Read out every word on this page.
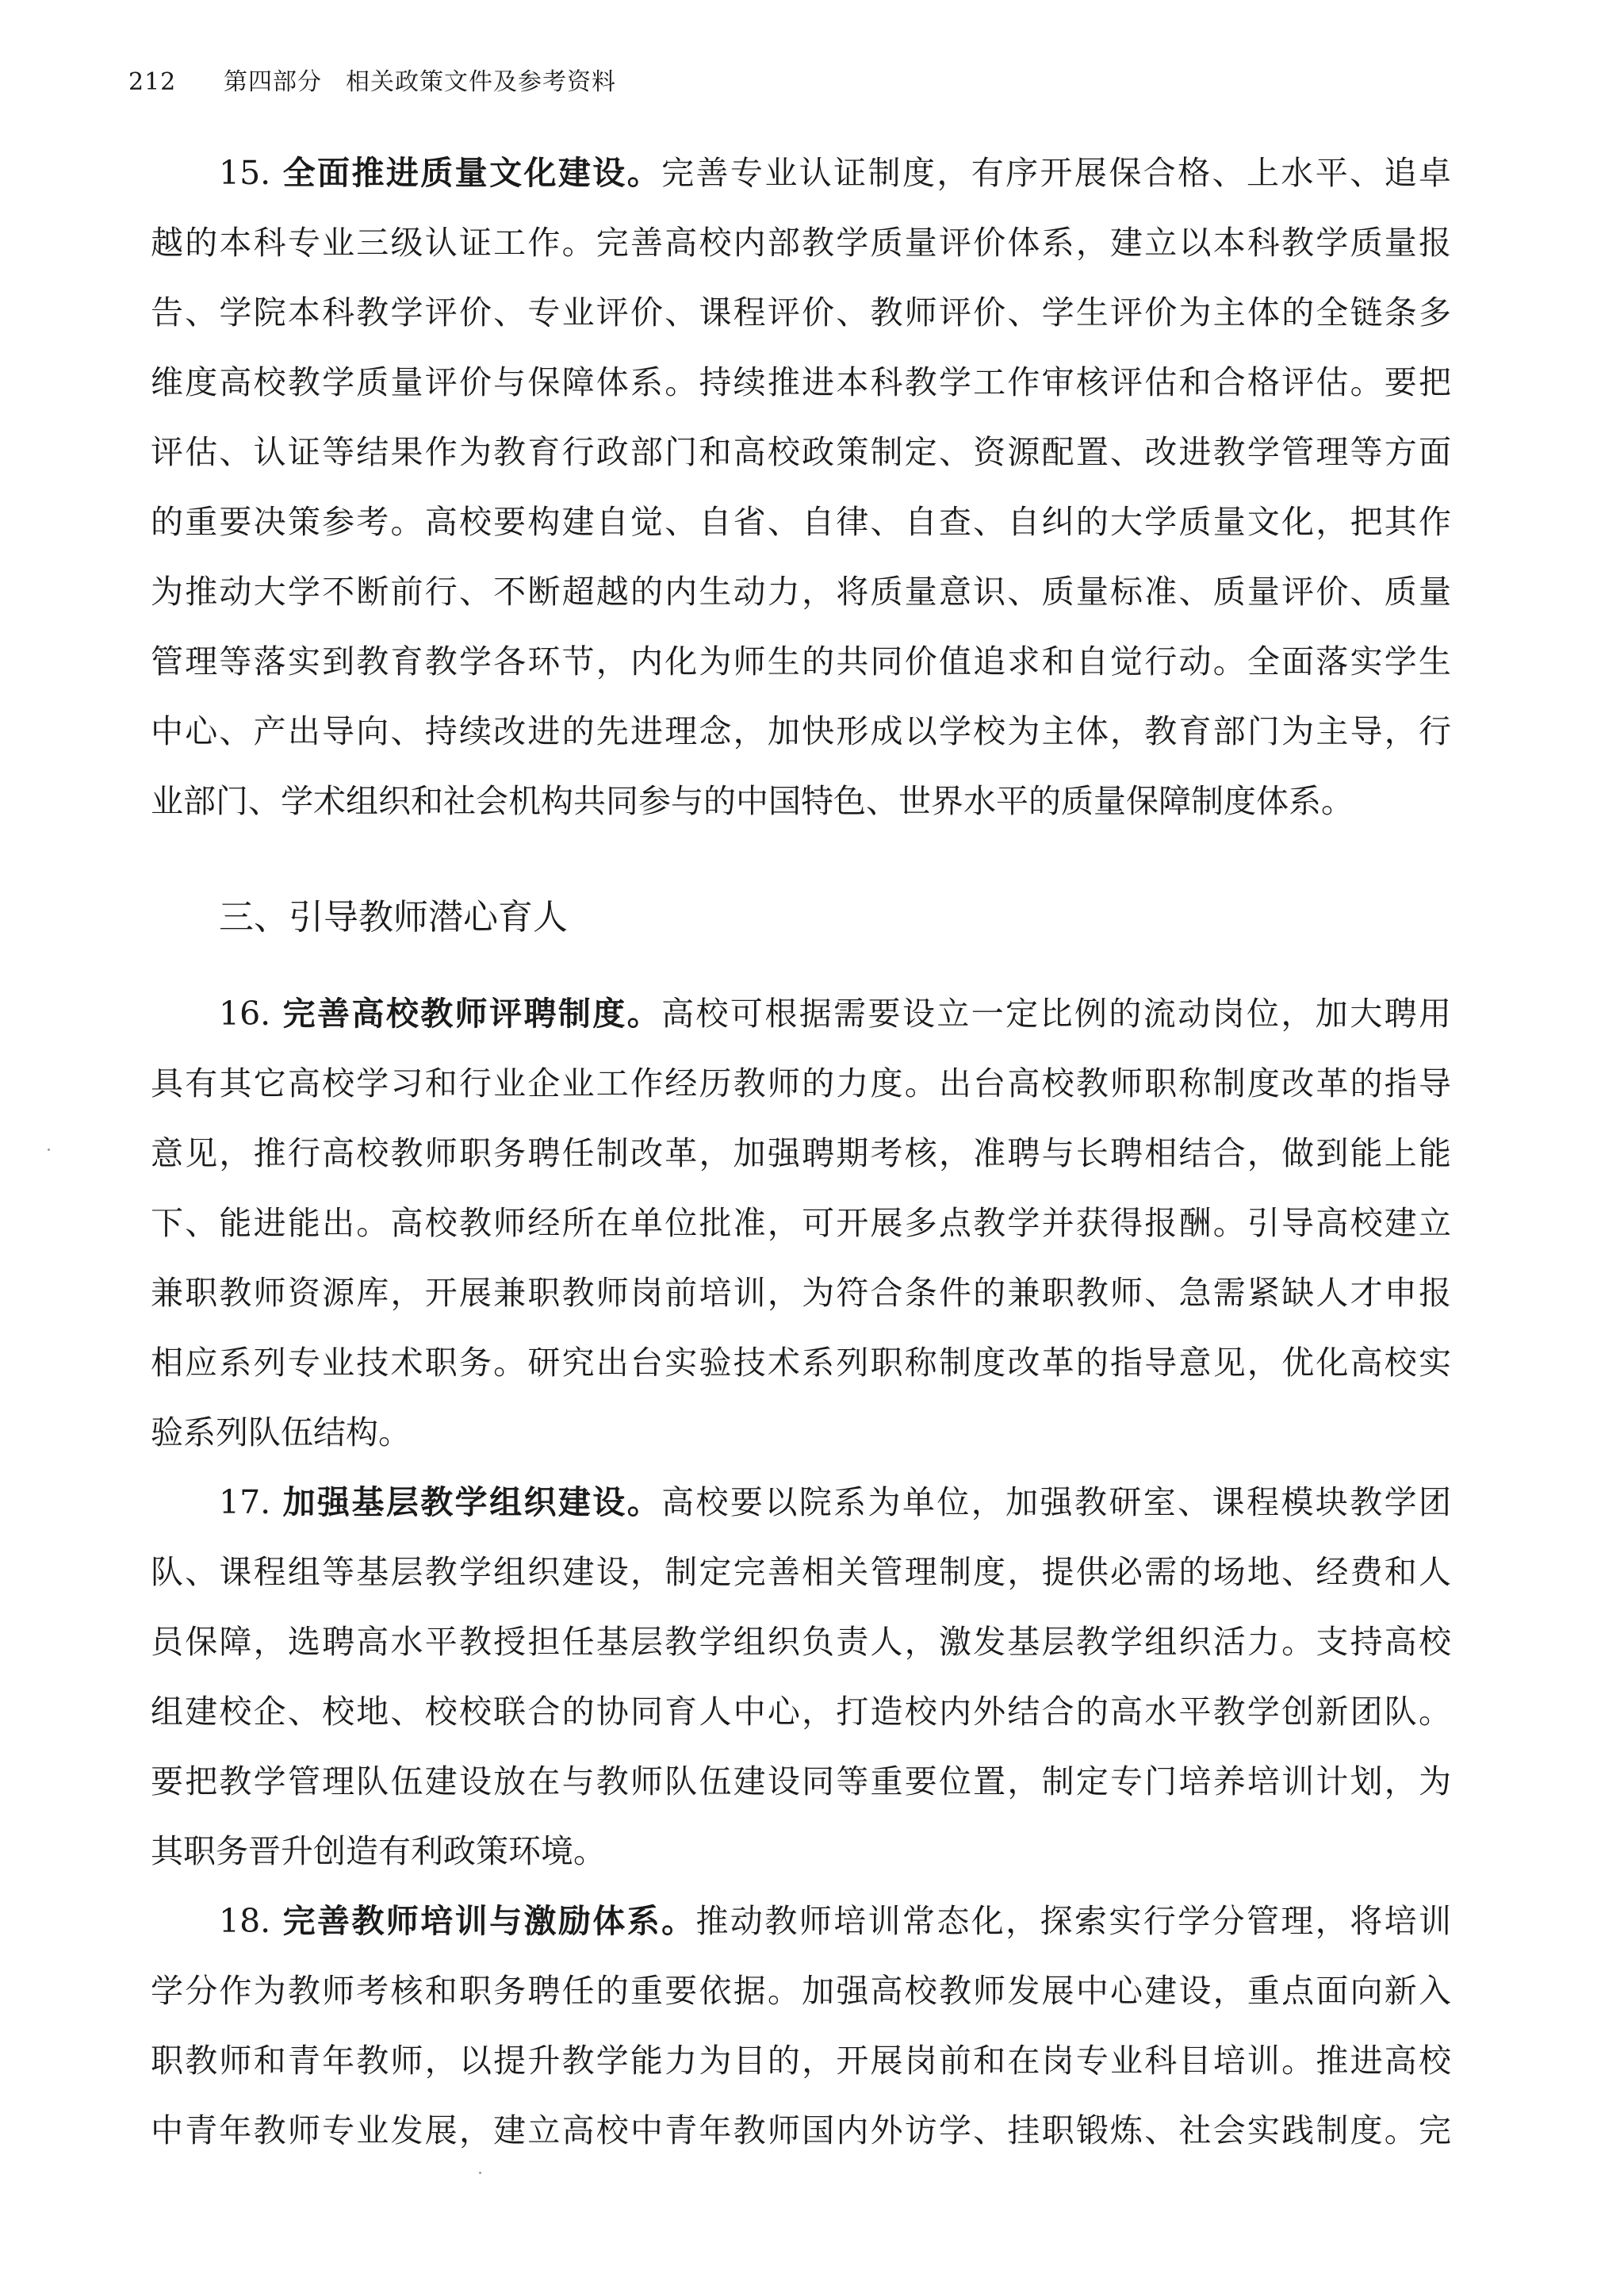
212 第四部分 相关政策文件及参考资料
15. 全面推进质量文化建设。完善专业认证制度，有序开展保合格、上水平、追卓
越的本科专业三级认证工作。完善高校内部教学质量评价体系，建立以本科教学质量报
告、学院本科教学评价、专业评价、课程评价、教师评价、学生评价为主体的全链条多
维度高校教学质量评价与保障体系。持续推进本科教学工作审核评估和合格评估。要把
评估、认证等结果作为教育行政部门和高校政策制定、资源配置、改进教学管理等方面
的重要决策参考。高校要构建自觉、自省、自律、自查、自纠的大学质量文化，把其作
为推动大学不断前行、不断超越的内生动力，将质量意识、质量标准、质量评价、质量
管理等落实到教育教学各环节，内化为师生的共同价值追求和自觉行动。全面落实学生
中心、产出导向、持续改进的先进理念，加快形成以学校为主体，教育部门为主导，行
业部门、学术组织和社会机构共同参与的中国特色、世界水平的质量保障制度体系。
三、引导教师潜心育人
16. 完善高校教师评聘制度。高校可根据需要设立一定比例的流动岗位，加大聘用
具有其它高校学习和行业企业工作经历教师的力度。出台高校教师职称制度改革的指导
意见，推行高校教师职务聘任制改革，加强聘期考核，准聘与长聘相结合，做到能上能
下、能进能出。高校教师经所在单位批准，可开展多点教学并获得报酬。引导高校建立
兼职教师资源库，开展兼职教师岗前培训，为符合条件的兼职教师、急需紧缺人才申报
相应系列专业技术职务。研究出台实验技术系列职称制度改革的指导意见，优化高校实
验系列队伍结构。
17. 加强基层教学组织建设。高校要以院系为单位，加强教研室、课程模块教学团
队、课程组等基层教学组织建设，制定完善相关管理制度，提供必需的场地、经费和人
员保障，选聘高水平教授担任基层教学组织负责人，激发基层教学组织活力。支持高校
组建校企、校地、校校联合的协同育人中心，打造校内外结合的高水平教学创新团队。
要把教学管理队伍建设放在与教师队伍建设同等重要位置，制定专门培养培训计划，为
其职务晋升创造有利政策环境。
18. 完善教师培训与激励体系。推动教师培训常态化，探索实行学分管理，将培训
学分作为教师考核和职务聘任的重要依据。加强高校教师发展中心建设，重点面向新入
职教师和青年教师，以提升教学能力为目的，开展岗前和在岗专业科目培训。推进高校
中青年教师专业发展，建立高校中青年教师国内外访学、挂职锻炼、社会实践制度。完
